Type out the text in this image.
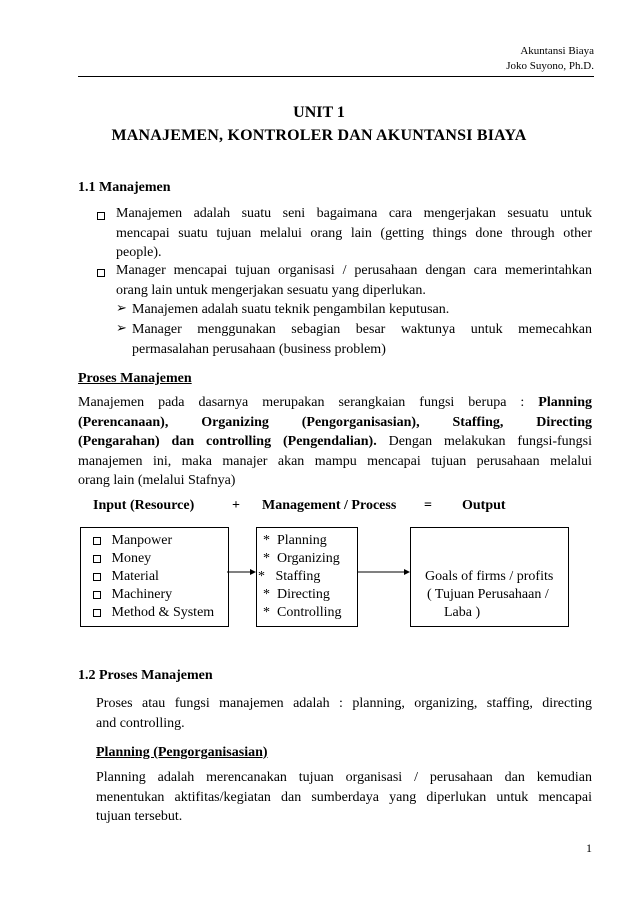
Akuntansi Biaya
Joko Suyono, Ph.D.
UNIT 1
MANAJEMEN, KONTROLER DAN AKUNTANSI BIAYA
1.1 Manajemen
Manajemen adalah suatu seni bagaimana cara mengerjakan sesuatu untuk
mencapai suatu tujuan melalui orang lain (getting things done through other
people).
Manager mencapai tujuan organisasi / perusahaan dengan cara memerintahkan
orang lain untuk mengerjakan sesuatu yang diperlukan.
➢ Manajemen adalah suatu teknik pengambilan keputusan.
➢ Manager menggunakan sebagian besar waktunya untuk memecahkan
permasalahan perusahaan (business problem)
Proses Manajemen
Manajemen pada dasarnya merupakan serangkaian fungsi berupa : Planning
(Perencanaan), Organizing (Pengorganisasian), Staffing, Directing
(Pengarahan) dan controlling (Pengendalian). Dengan melakukan fungsi-fungsi
manajemen ini, maka manajer akan mampu mencapai tujuan perusahaan melalui
orang lain (melalui Stafnya)
Input (Resource)	+ Management / Process = Output
Manpower
Money
Material
Machinery
Method & System
*  Planning
*  Organizing
*   Staffing
*  Directing
*  Controlling
Goals of firms / profits
( Tujuan Perusahaan /
Laba )
1.2 Proses Manajemen
Proses atau fungsi manajemen adalah : planning, organizing, staffing, directing
and controlling.
Planning (Pengorganisasian)
Planning adalah merencanakan tujuan organisasi / perusahaan dan kemudian
menentukan aktifitas/kegiatan dan sumberdaya yang diperlukan untuk mencapai
tujuan tersebut.
1
